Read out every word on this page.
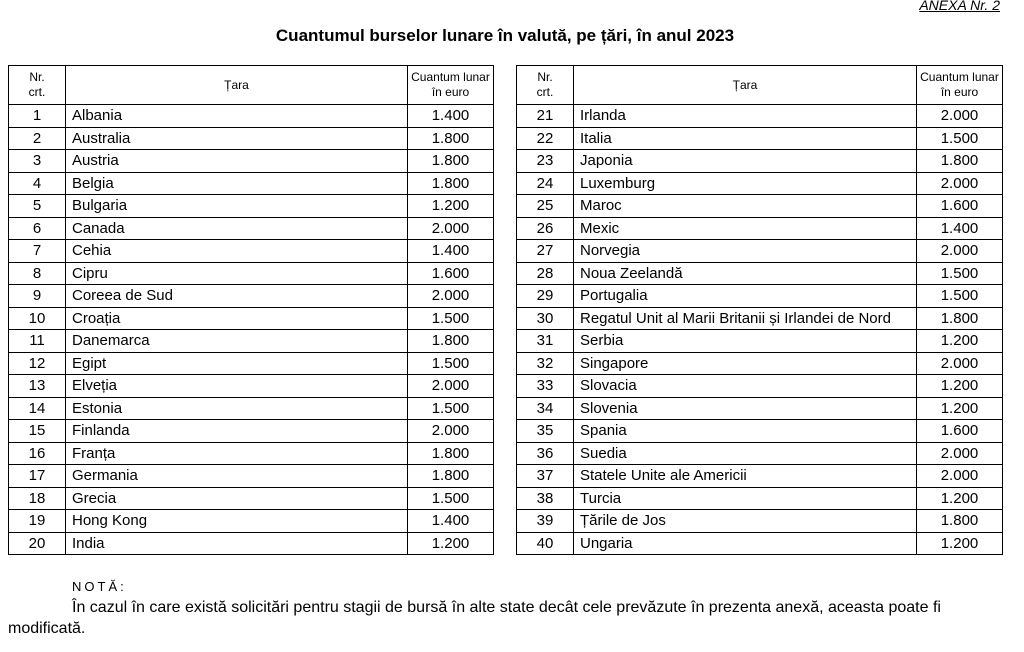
ANEXA Nr. 2
Cuantumul burselor lunare în valută, pe țări, în anul 2023
Nr.
crt.	Țara	Cuantum lunar
în euro
1	Albania	1.400
2	Australia	1.800
3	Austria	1.800
4	Belgia	1.800
5	Bulgaria	1.200
6	Canada	2.000
7	Cehia	1.400
8	Cipru	1.600
9	Coreea de Sud	2.000
10	Croația	1.500
11	Danemarca	1.800
12	Egipt	1.500
13	Elveția	2.000
14	Estonia	1.500
15	Finlanda	2.000
16	Franța	1.800
17	Germania	1.800
18	Grecia	1.500
19	Hong Kong	1.400
20	India	1.200
Nr.
crt.	Țara	Cuantum lunar
în euro
21	Irlanda	2.000
22	Italia	1.500
23	Japonia	1.800
24	Luxemburg	2.000
25	Maroc	1.600
26	Mexic	1.400
27	Norvegia	2.000
28	Noua Zeelandă	1.500
29	Portugalia	1.500
30	Regatul Unit al Marii Britanii și Irlandei de Nord	1.800
31	Serbia	1.200
32	Singapore	2.000
33	Slovacia	1.200
34	Slovenia	1.200
35	Spania	1.600
36	Suedia	2.000
37	Statele Unite ale Americii	2.000
38	Turcia	1.200
39	Țările de Jos	1.800
40	Ungaria	1.200
NOTĂ:
În cazul în care există solicitări pentru stagii de bursă în alte state decât cele prevăzute în prezenta anexă, aceasta poate fi modificată.
